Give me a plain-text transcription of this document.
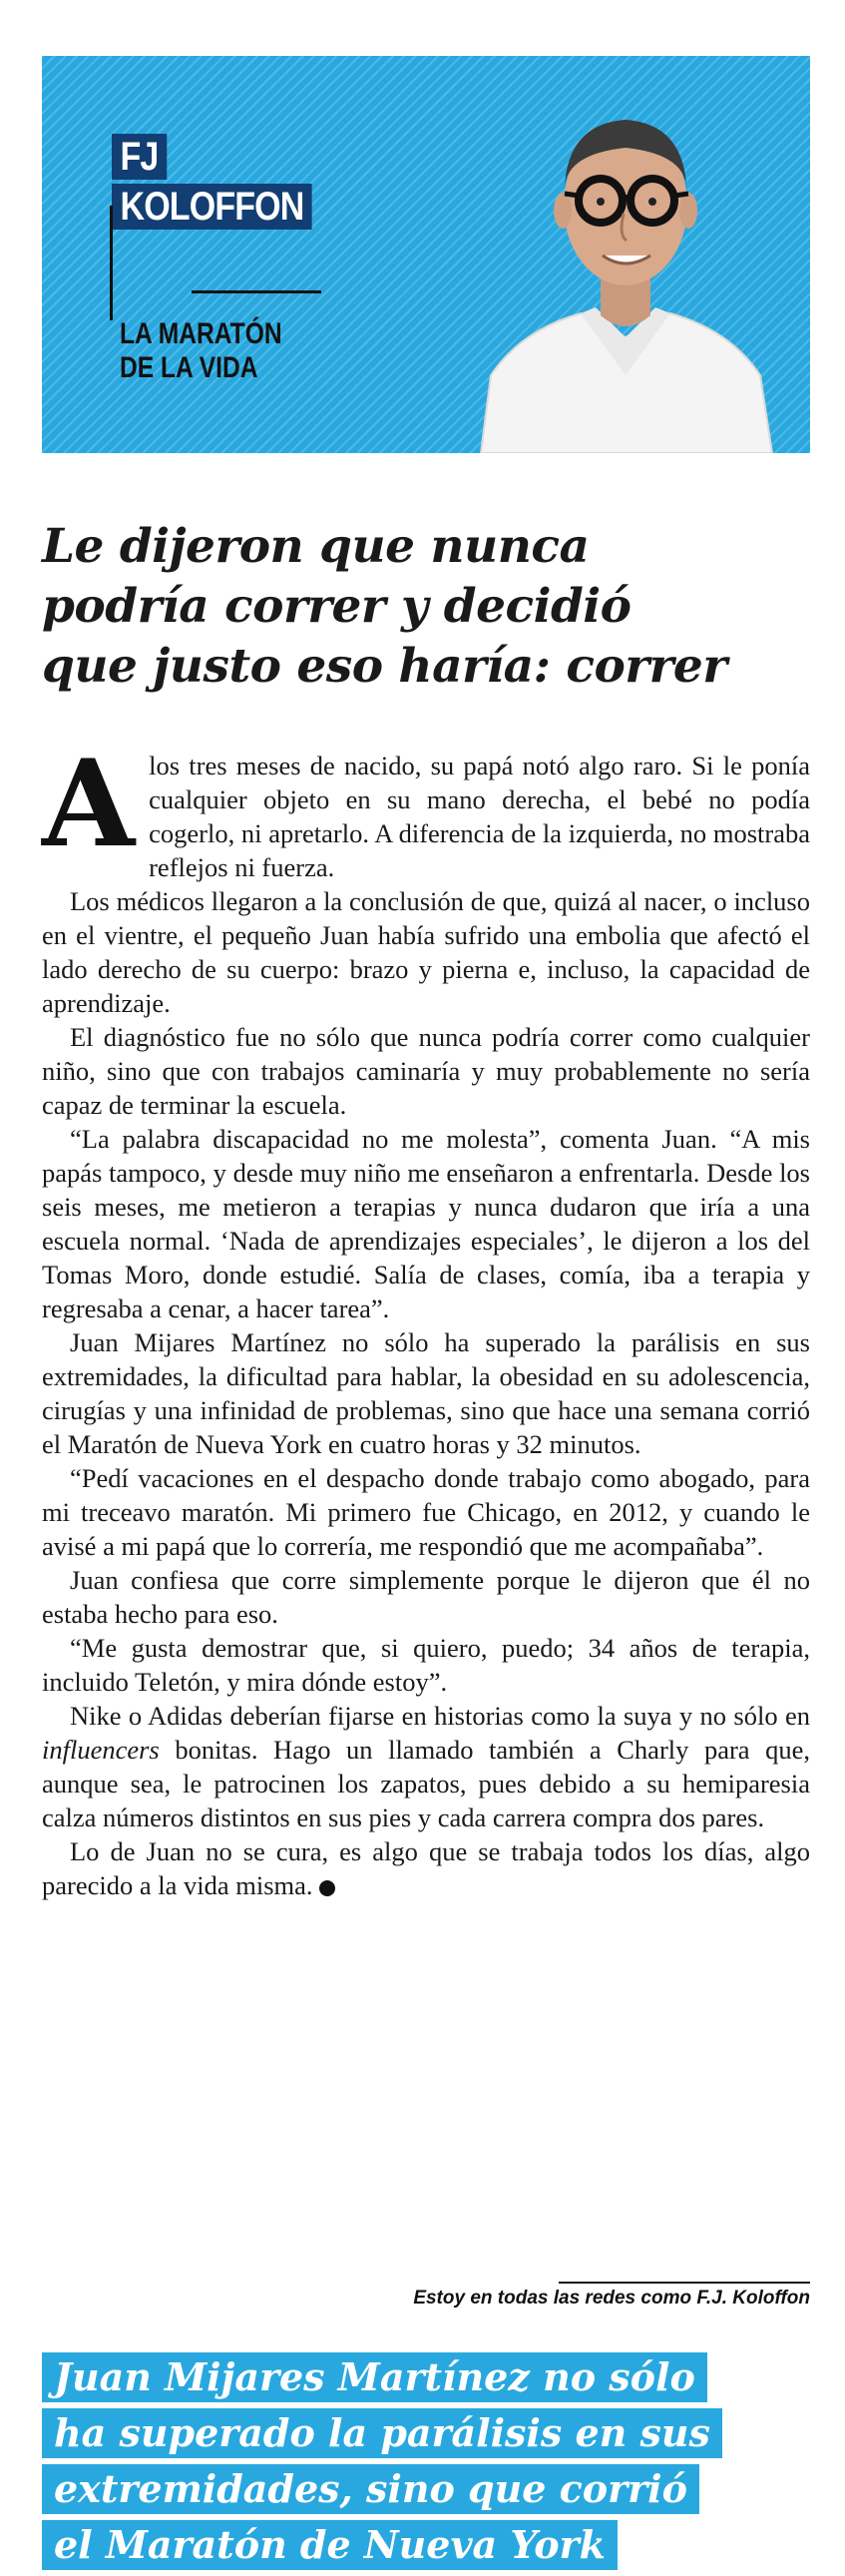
FJ
KOLOFFON
LA MARATÓN
DE LA VIDA
Le dijeron que nunca
podría correr y decidió
que justo eso haría: correr

Alos tres meses de nacido, su papá notó algo raro. Si le ponía cualquier objeto en su mano derecha, el bebé no podía cogerlo, ni apretarlo. A diferencia de la izquierda, no mostraba reflejos ni fuerza.

Los médicos llegaron a la conclusión de que, quizá al nacer, o incluso en el vientre, el pequeño Juan había sufrido una embolia que afectó el lado derecho de su cuerpo: brazo y pierna e, incluso, la capacidad de aprendizaje.

El diagnóstico fue no sólo que nunca podría correr como cualquier niño, sino que con trabajos caminaría y muy probablemente no sería capaz de terminar la escuela.

“La palabra discapacidad no me molesta”, comenta Juan. “A mis papás tampoco, y desde muy niño me enseñaron a enfrentarla. Desde los seis meses, me metieron a terapias y nunca dudaron que iría a una escuela normal. ‘Nada de aprendizajes especiales’, le dijeron a los del Tomas Moro, donde estudié. Salía de clases, comía, iba a terapia y regresaba a cenar, a hacer tarea”.

Juan Mijares Martínez no sólo ha superado la parálisis en sus extremidades, la dificultad para hablar, la obesidad en su adolescencia, cirugías y una infinidad de problemas, sino que hace una semana corrió el Maratón de Nueva York en cuatro horas y 32 minutos.

“Pedí vacaciones en el despacho donde trabajo como abogado, para mi treceavo maratón. Mi primero fue Chicago, en 2012, y cuando le avisé a mi papá que lo correría, me respondió que me acompañaba”.

Juan confiesa que corre simplemente porque le dijeron que él no estaba hecho para eso.

“Me gusta demostrar que, si quiero, puedo; 34 años de terapia, incluido Teletón, y mira dónde estoy”.

Nike o Adidas deberían fijarse en historias como la suya y no sólo en influencers bonitas. Hago un llamado también a Charly para que, aunque sea, le patrocinen los zapatos, pues debido a su hemiparesia calza números distintos en sus pies y cada carrera compra dos pares.

Lo de Juan no se cura, es algo que se trabaja todos los días, algo parecido a la vida misma.

Estoy en todas las redes como F.J. Koloffon
Juan Mijares Martínez no sólo
ha superado la parálisis en sus
extremidades, sino que corrió
el Maratón de Nueva York
